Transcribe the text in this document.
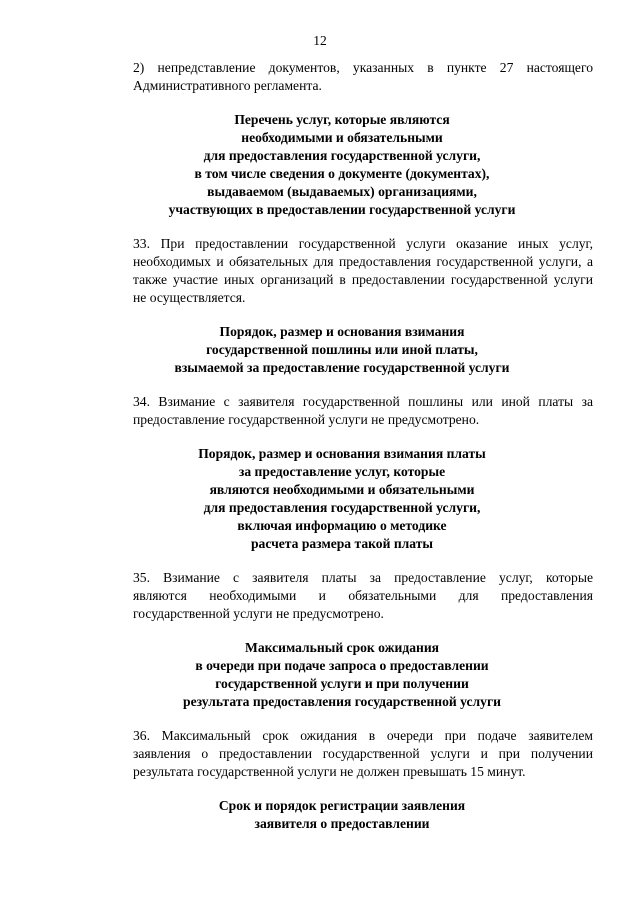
12
2) непредставление документов, указанных в пункте 27 настоящего
Административного регламента.
Перечень услуг, которые являются
необходимыми и обязательными
для предоставления государственной услуги,
в том числе сведения о документе (документах),
выдаваемом (выдаваемых) организациями,
участвующих в предоставлении государственной услуги
33. При предоставлении государственной услуги оказание иных услуг,
необходимых и обязательных для предоставления государственной услуги, а
также участие иных организаций в предоставлении государственной услуги
не осуществляется.
Порядок, размер и основания взимания
государственной пошлины или иной платы,
взымаемой за предоставление государственной услуги
34. Взимание с заявителя государственной пошлины или иной платы за
предоставление государственной услуги не предусмотрено.
Порядок, размер и основания взимания платы
за предоставление услуг, которые
являются необходимыми и обязательными
для предоставления государственной услуги,
включая информацию о методике
расчета размера такой платы
35. Взимание с заявителя платы за предоставление услуг, которые
являются необходимыми и обязательными для предоставления
государственной услуги не предусмотрено.
Максимальный срок ожидания
в очереди при подаче запроса о предоставлении
государственной услуги и при получении
результата предоставления государственной услуги
36. Максимальный срок ожидания в очереди при подаче заявителем
заявления о предоставлении государственной услуги и при получении
результата государственной услуги не должен превышать 15 минут.
Срок и порядок регистрации заявления
заявителя о предоставлении
